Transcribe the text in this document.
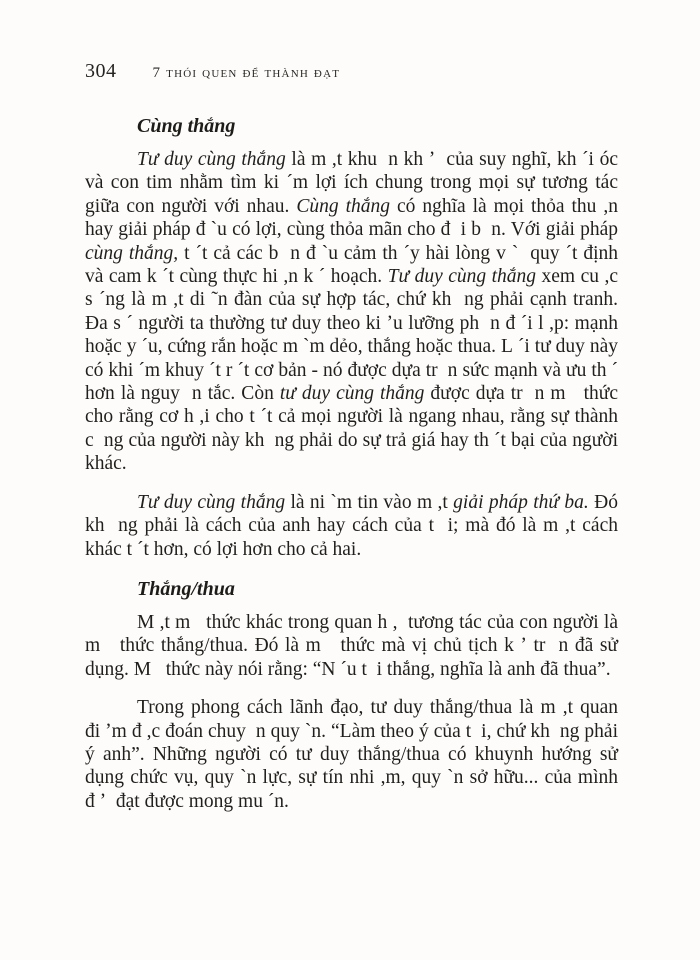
304 7 thói quen để thành đạt
Cùng thắng

Tư duy cùng thắng là m ,t khu  n kh ʼ  của suy nghĩ, kh ´i óc và con tim nhằm tìm ki ´m lợi ích chung trong mọi sự tương tác giữa con người với nhau. Cùng thắng có nghĩa là mọi thỏa thu ,n hay giải pháp đ `u có lợi, cùng thỏa mãn cho đ  i b  n. Với giải pháp cùng thắng, t ´t cả các b  n đ `u cảm th ´y hài lòng v `  quy ´t định và cam k ´t cùng thực hi ,n k ´ hoạch. Tư duy cùng thắng xem cu ,c s ´ng là m ,t di ˜n đàn của sự hợp tác, chứ kh  ng phải cạnh tranh. Đa s ´ người ta thường tư duy theo ki ʼu lưỡng ph  n đ ´i l ,p: mạnh hoặc y ´u, cứng rắn hoặc m `m dẻo, thắng hoặc thua. L ´i tư duy này có khi ´m khuy ´t r ´t cơ bản - nó được dựa tr  n sức mạnh và ưu th ´ hơn là nguy  n tắc. Còn tư duy cùng thắng được dựa tr  n m   thức cho rằng cơ h ,i cho t ´t cả mọi người là ngang nhau, rằng sự thành c  ng của người này kh  ng phải do sự trả giá hay th ´t bại của người khác.

Tư duy cùng thắng là ni `m tin vào m ,t giải pháp thứ ba. Đó kh  ng phải là cách của anh hay cách của t  i; mà đó là m ,t cách khác t ´t hơn, có lợi hơn cho cả hai.

Thắng/thua

M ,t m   thức khác trong quan h ,  tương tác của con người là m   thức thắng/thua. Đó là m   thức mà vị chủ tịch k ʼ tr  n đã sử dụng. M   thức này nói rằng: “N ´u t  i thắng, nghĩa là anh đã thua”.

Trong phong cách lãnh đạo, tư duy thắng/thua là m ,t quan đi ʼm đ ,c đoán chuy  n quy `n. “Làm theo ý của t  i, chứ kh  ng phải ý anh”. Những người có tư duy thắng/thua có khuynh hướng sử dụng chức vụ, quy `n lực, sự tín nhi ,m, quy `n sở hữu... của mình đ ʼ  đạt được mong mu ´n.
